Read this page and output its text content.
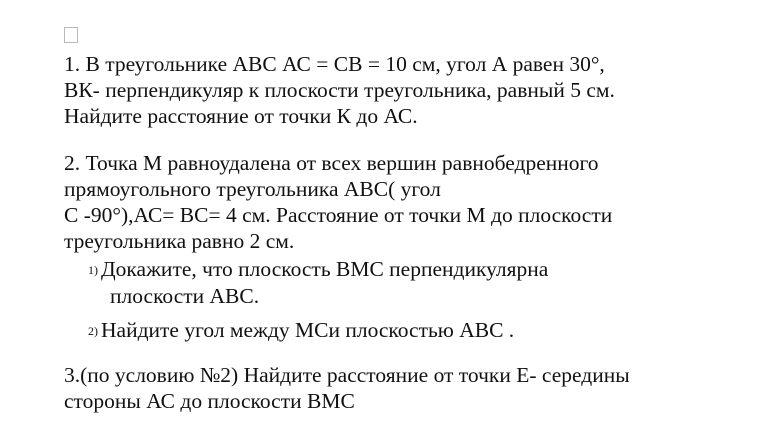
1. В треугольнике АВС АС = СВ = 10 см, угол А равен 30°,
ВК- перпендикуляр к плоскости треугольника, равный 5 см.
Найдите расстояние от точки К до АС.
2. Точка М равноудалена от всех вершин равнобедренного
прямоугольного треугольника АВС( угол
С -90°),АС= ВС= 4 см. Расстояние от точки М до плоскости
треугольника равно 2 см.
1) Докажите, что плоскость ВМС перпендикулярна
плоскости АВС.
2) Найдите угол между МСи плоскостью АВС .
3.(по условию №2) Найдите расстояние от точки Е- середины
стороны АС до плоскости ВМС
